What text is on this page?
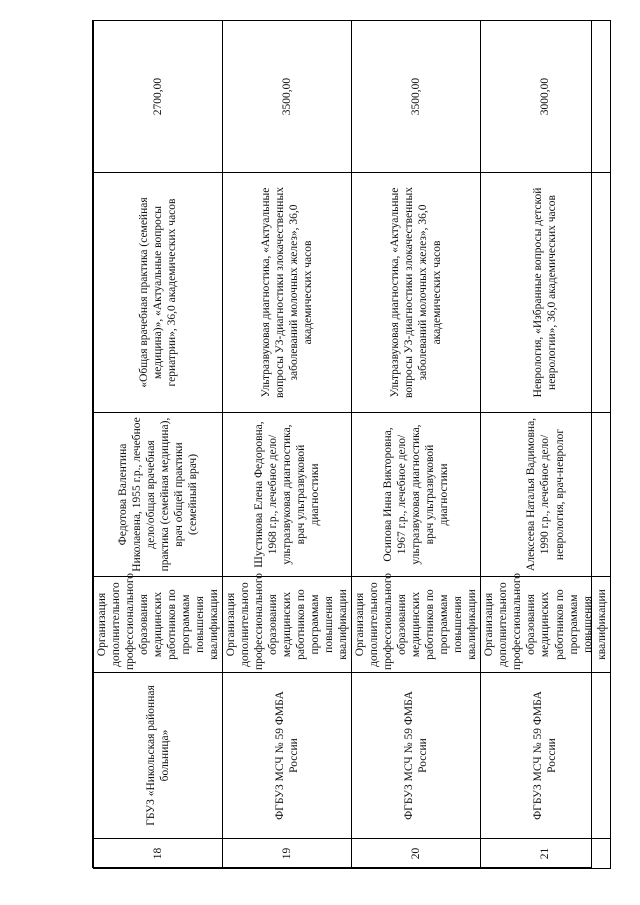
18	ГБУЗ «Никольская районная больница»	Организация дополнительного профессионального образования медицинских работников по программам повышения квалификации	Федотова Валентина Николаевна, 1955 г.р., лечебное дело/общая врачебная практика (семейная медицина), врач общей практики (семейный врач)	«Общая врачебная практика (семейная медицина)», «Актуальные вопросы гериатрии», 36,0 академических часов	2700,00
19	ФГБУЗ МСЧ № 59 ФМБА России	Организация дополнительного профессионального образования медицинских работников по программам повышения квалификации	Шустикова Елена Федоровна, 1968 г.р., лечебное дело/ ультразвуковая диагностика, врач ультразвуковой диагностики	Ультразвуковая диагностика, «Актуальные вопросы УЗ-диагностики злокачественных заболеваний молочных желез», 36,0 академических часов	3500,00
20	ФГБУЗ МСЧ № 59 ФМБА России	Организация дополнительного профессионального образования медицинских работников по программам повышения квалификации	Осипова Инна Викторовна, 1967 г.р., лечебное дело/ ультразвуковая диагностика, врач ультразвуковой диагностики	Ультразвуковая диагностика, «Актуальные вопросы УЗ-диагностики злокачественных заболеваний молочных желез», 36,0 академических часов	3500,00
21	ФГБУЗ МСЧ № 59 ФМБА России	Организация дополнительного профессионального образования медицинских работников по программам повышения квалификации	Алексеева Наталья Вадимовна, 1990 г.р., лечебное дело/ неврология, врач-невролог	Неврология, «Избранные вопросы детской неврологии», 36,0 академических часов	3000,00
